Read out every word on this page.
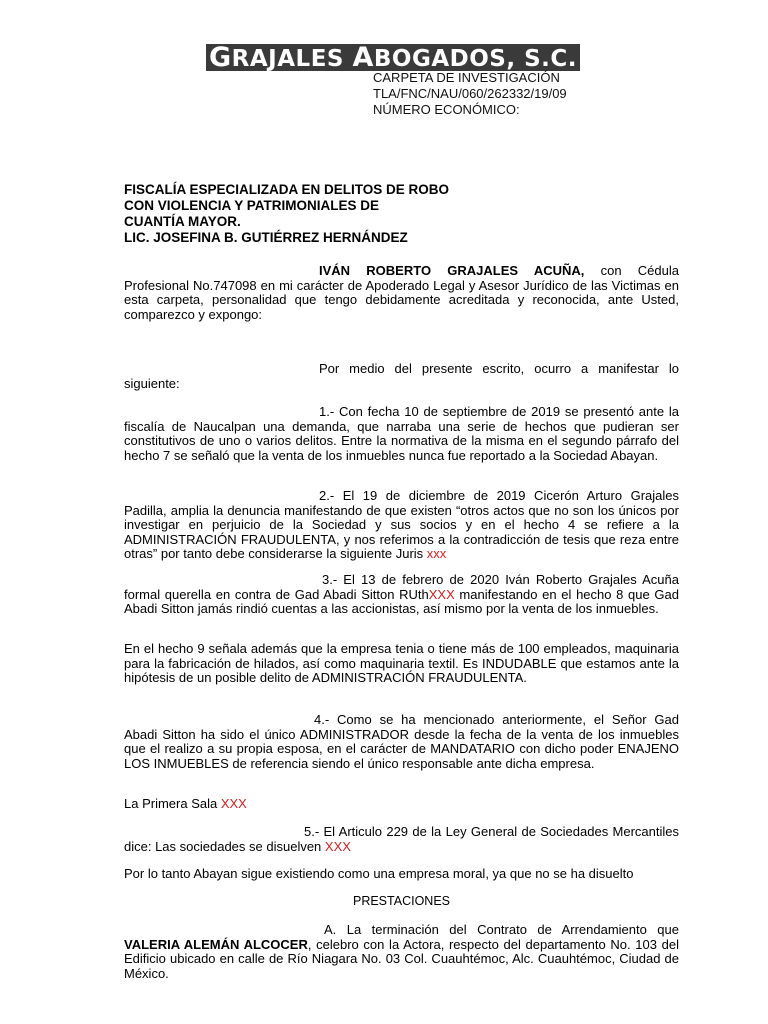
GRAJALES ABOGADOS, S.C.
CARPETA DE INVESTIGACIÓN
TLA/FNC/NAU/060/262332/19/09
NÚMERO ECONÓMICO:
FISCALÍA ESPECIALIZADA EN DELITOS DE ROBO
CON VIOLENCIA Y PATRIMONIALES DE
CUANTÍA MAYOR.
LIC. JOSEFINA B. GUTIÉRREZ HERNÁNDEZ

IVÁN ROBERTO GRAJALES ACUÑA, con Cédula Profesional No.747098 en mi carácter de Apoderado Legal y Asesor Jurídico de las Victimas en esta carpeta, personalidad que tengo debidamente acreditada y reconocida, ante Usted, comparezco y expongo:

Por medio del presente escrito, ocurro a manifestar lo siguiente:

1.- Con fecha 10 de septiembre de 2019 se presentó ante la fiscalía de Naucalpan una demanda, que narraba una serie de hechos que pudieran ser constitutivos de uno o varios delitos. Entre la normativa de la misma en el segundo párrafo del hecho 7 se señaló que la venta de los inmuebles nunca fue reportado a la Sociedad Abayan.

2.- El 19 de diciembre de 2019 Cicerón Arturo Grajales Padilla, amplia la denuncia manifestando de que existen “otros actos que no son los únicos por investigar en perjuicio de la Sociedad y sus socios y en el hecho 4 se refiere a la ADMINISTRACIÓN FRAUDULENTA, y nos referimos a la contradicción de tesis que reza entre otras” por tanto debe considerarse la siguiente Juris xxx

3.- El 13 de febrero de 2020 Iván Roberto Grajales Acuña formal querella en contra de Gad Abadi Sitton RUthXXX manifestando en el hecho 8 que Gad Abadi Sitton jamás rindió cuentas a las accionistas, así mismo por la venta de los inmuebles.

En el hecho 9 señala además que la empresa tenia o tiene más de 100 empleados, maquinaria para la fabricación de hilados, así como maquinaria textil. Es INDUDABLE que estamos ante la hipótesis de un posible delito de ADMINISTRACIÓN FRAUDULENTA.

4.- Como se ha mencionado anteriormente, el Señor Gad Abadi Sitton ha sido el único ADMINISTRADOR desde la fecha de la venta de los inmuebles que el realizo a su propia esposa, en el carácter de MANDATARIO con dicho poder ENAJENO LOS INMUEBLES de referencia siendo el único responsable ante dicha empresa.

La Primera Sala XXX

5.- El Articulo 229 de la Ley General de Sociedades Mercantiles dice: Las sociedades se disuelven XXX

Por lo tanto Abayan sigue existiendo como una empresa moral, ya que no se ha disuelto

PRESTACIONES

A. La terminación del Contrato de Arrendamiento que VALERIA ALEMÁN ALCOCER, celebro con la Actora, respecto del departamento No. 103 del Edificio ubicado en calle de Río Niagara No. 03 Col. Cuauhtémoc, Alc. Cuauhtémoc, Ciudad de México.
